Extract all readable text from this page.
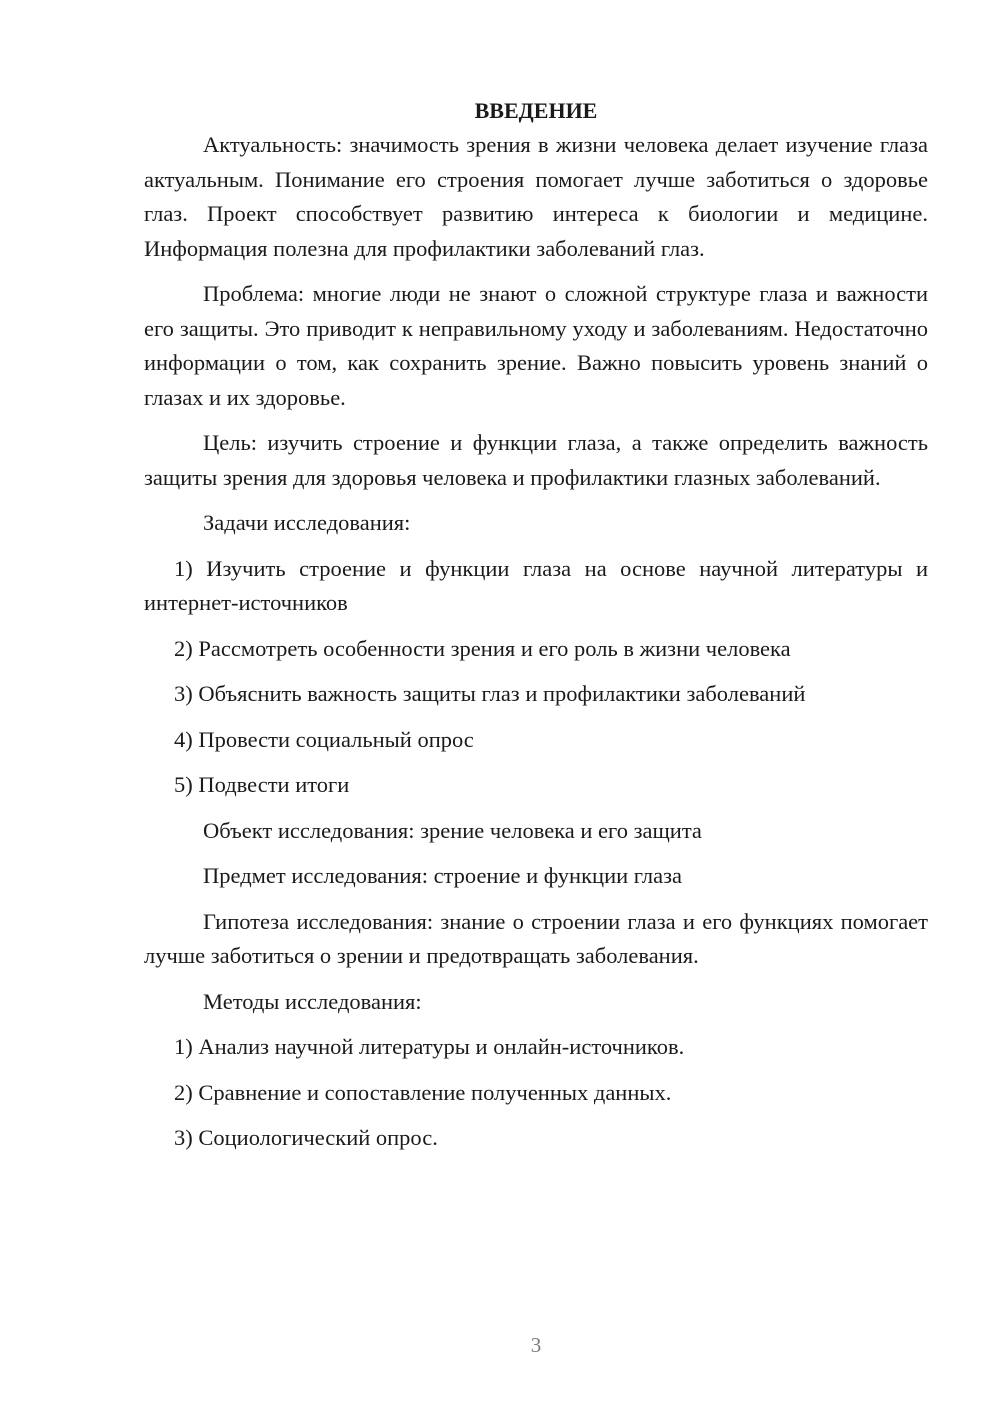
ВВЕДЕНИЕ

Актуальность: значимость зрения в жизни человека делает изучение глаза актуальным. Понимание его строения помогает лучше заботиться о здоровье глаз. Проект способствует развитию интереса к биологии и медицине. Информация полезна для профилактики заболеваний глаз.

Проблема: многие люди не знают о сложной структуре глаза и важности его защиты. Это приводит к неправильному уходу и заболеваниям. Недостаточно информации о том, как сохранить зрение. Важно повысить уровень знаний о глазах и их здоровье.

Цель: изучить строение и функции глаза, а также определить важность защиты зрения для здоровья человека и профилактики глазных заболеваний.

Задачи исследования:

1) Изучить строение и функции глаза на основе научной литературы и интернет-источников

2) Рассмотреть особенности зрения и его роль в жизни человека

3) Объяснить важность защиты глаз и профилактики заболеваний

4) Провести социальный опрос

5) Подвести итоги

Объект исследования: зрение человека и его защита

Предмет исследования: строение и функции глаза

Гипотеза исследования: знание о строении глаза и его функциях помогает лучше заботиться о зрении и предотвращать заболевания.

Методы исследования:

1) Анализ научной литературы и онлайн-источников.

2) Сравнение и сопоставление полученных данных.

3) Социологический опрос.

3
